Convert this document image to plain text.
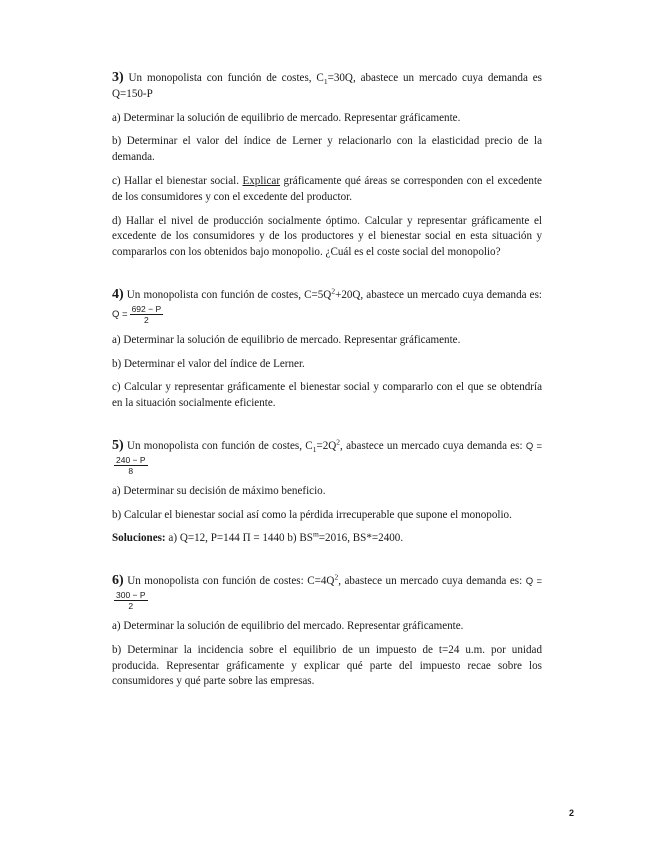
3) Un monopolista con función de costes, $C_1=30Q$, abastece un mercado cuya demanda es Q=150-P

a) Determinar la solución de equilibrio de mercado. Representar gráficamente.

b) Determinar el valor del índice de Lerner y relacionarlo con la elasticidad precio de la demanda.

c) Hallar el bienestar social. Explicar gráficamente qué áreas se corresponden con el excedente de los consumidores y con el excedente del productor.

d) Hallar el nivel de producción socialmente óptimo. Calcular y representar gráficamente el excedente de los consumidores y de los productores y el bienestar social en esta situación y compararlos con los obtenidos bajo monopolio. ¿Cuál es el coste social del monopolio?

4) Un monopolista con función de costes, $C=5Q^2+20Q$, abastece un mercado cuya demanda es: $Q = \frac{692 - P}{2}$

a) Determinar la solución de equilibrio de mercado. Representar gráficamente.

b) Determinar el valor del índice de Lerner.

c) Calcular y representar gráficamente el bienestar social y compararlo con el que se obtendría en la situación socialmente eficiente.

5) Un monopolista con función de costes, $C_1=2Q^2$, abastece un mercado cuya demanda es: Q =
$\frac{240 - P}{8}$

a) Determinar su decisión de máximo beneficio.

b) Calcular el bienestar social así como la pérdida irrecuperable que supone el monopolio.

Soluciones: a) Q=12, P=144 Π = 1440 b) $BS^m=2016$, BS*=2400.

6) Un monopolista con función de costes: $C=4Q^2$, abastece un mercado cuya demanda es: Q =
$\frac{300 - P}{2}$

a) Determinar la solución de equilibrio del mercado. Representar gráficamente.

b) Determinar la incidencia sobre el equilibrio de un impuesto de t=24 u.m. por unidad producida. Representar gráficamente y explicar qué parte del impuesto recae sobre los consumidores y qué parte sobre las empresas.

2
